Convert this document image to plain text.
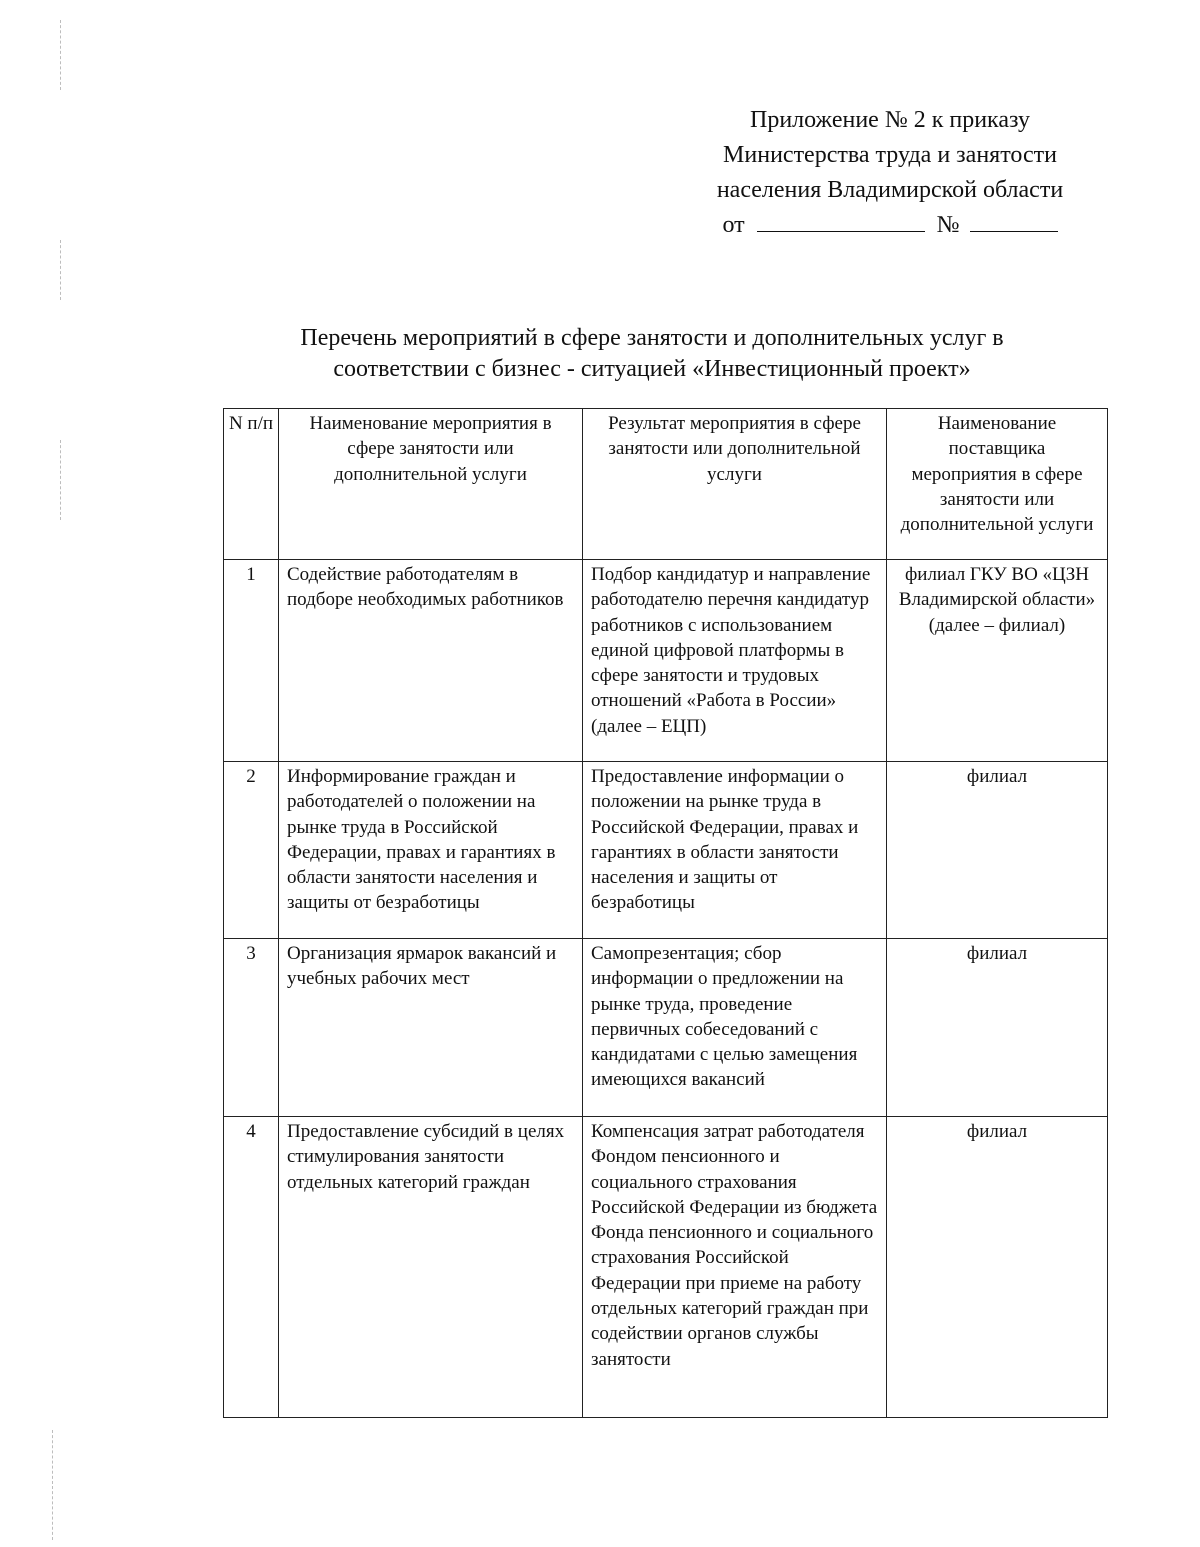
Приложение № 2 к приказу
Министерства труда и занятости
населения Владимирской области
от	№
Перечень мероприятий в сфере занятости и дополнительных услуг в
соответствии с бизнес - ситуацией «Инвестиционный проект»
N п/п	Наименование мероприятия в сфере занятости или дополнительной услуги	Результат мероприятия в сфере занятости или дополнительной услуги	Наименование поставщика мероприятия в сфере занятости или дополнительной услуги
1	Содействие работодателям в подборе необходимых работников	Подбор кандидатур и направление работодателю перечня кандидатур работников с использованием единой цифровой платформы в сфере занятости и трудовых отношений «Работа в России» (далее – ЕЦП)	филиал ГКУ ВО «ЦЗН Владимирской области» (далее – филиал)
2	Информирование граждан и работодателей о положении на рынке труда в Российской Федерации, правах и гарантиях в области занятости населения и защиты от безработицы	Предоставление информации о положении на рынке труда в Российской Федерации, правах и гарантиях в области занятости населения и защиты от безработицы	филиал
3	Организация ярмарок вакансий и учебных рабочих мест	Самопрезентация; сбор информации о предложении на рынке труда, проведение первичных собеседований с кандидатами с целью замещения имеющихся вакансий	филиал
4	Предоставление субсидий в целях стимулирования занятости отдельных категорий граждан	Компенсация затрат работодателя Фондом пенсионного и социального страхования Российской Федерации из бюджета Фонда пенсионного и социального страхования Российской Федерации при приеме на работу отдельных категорий граждан при содействии органов службы занятости	филиал
